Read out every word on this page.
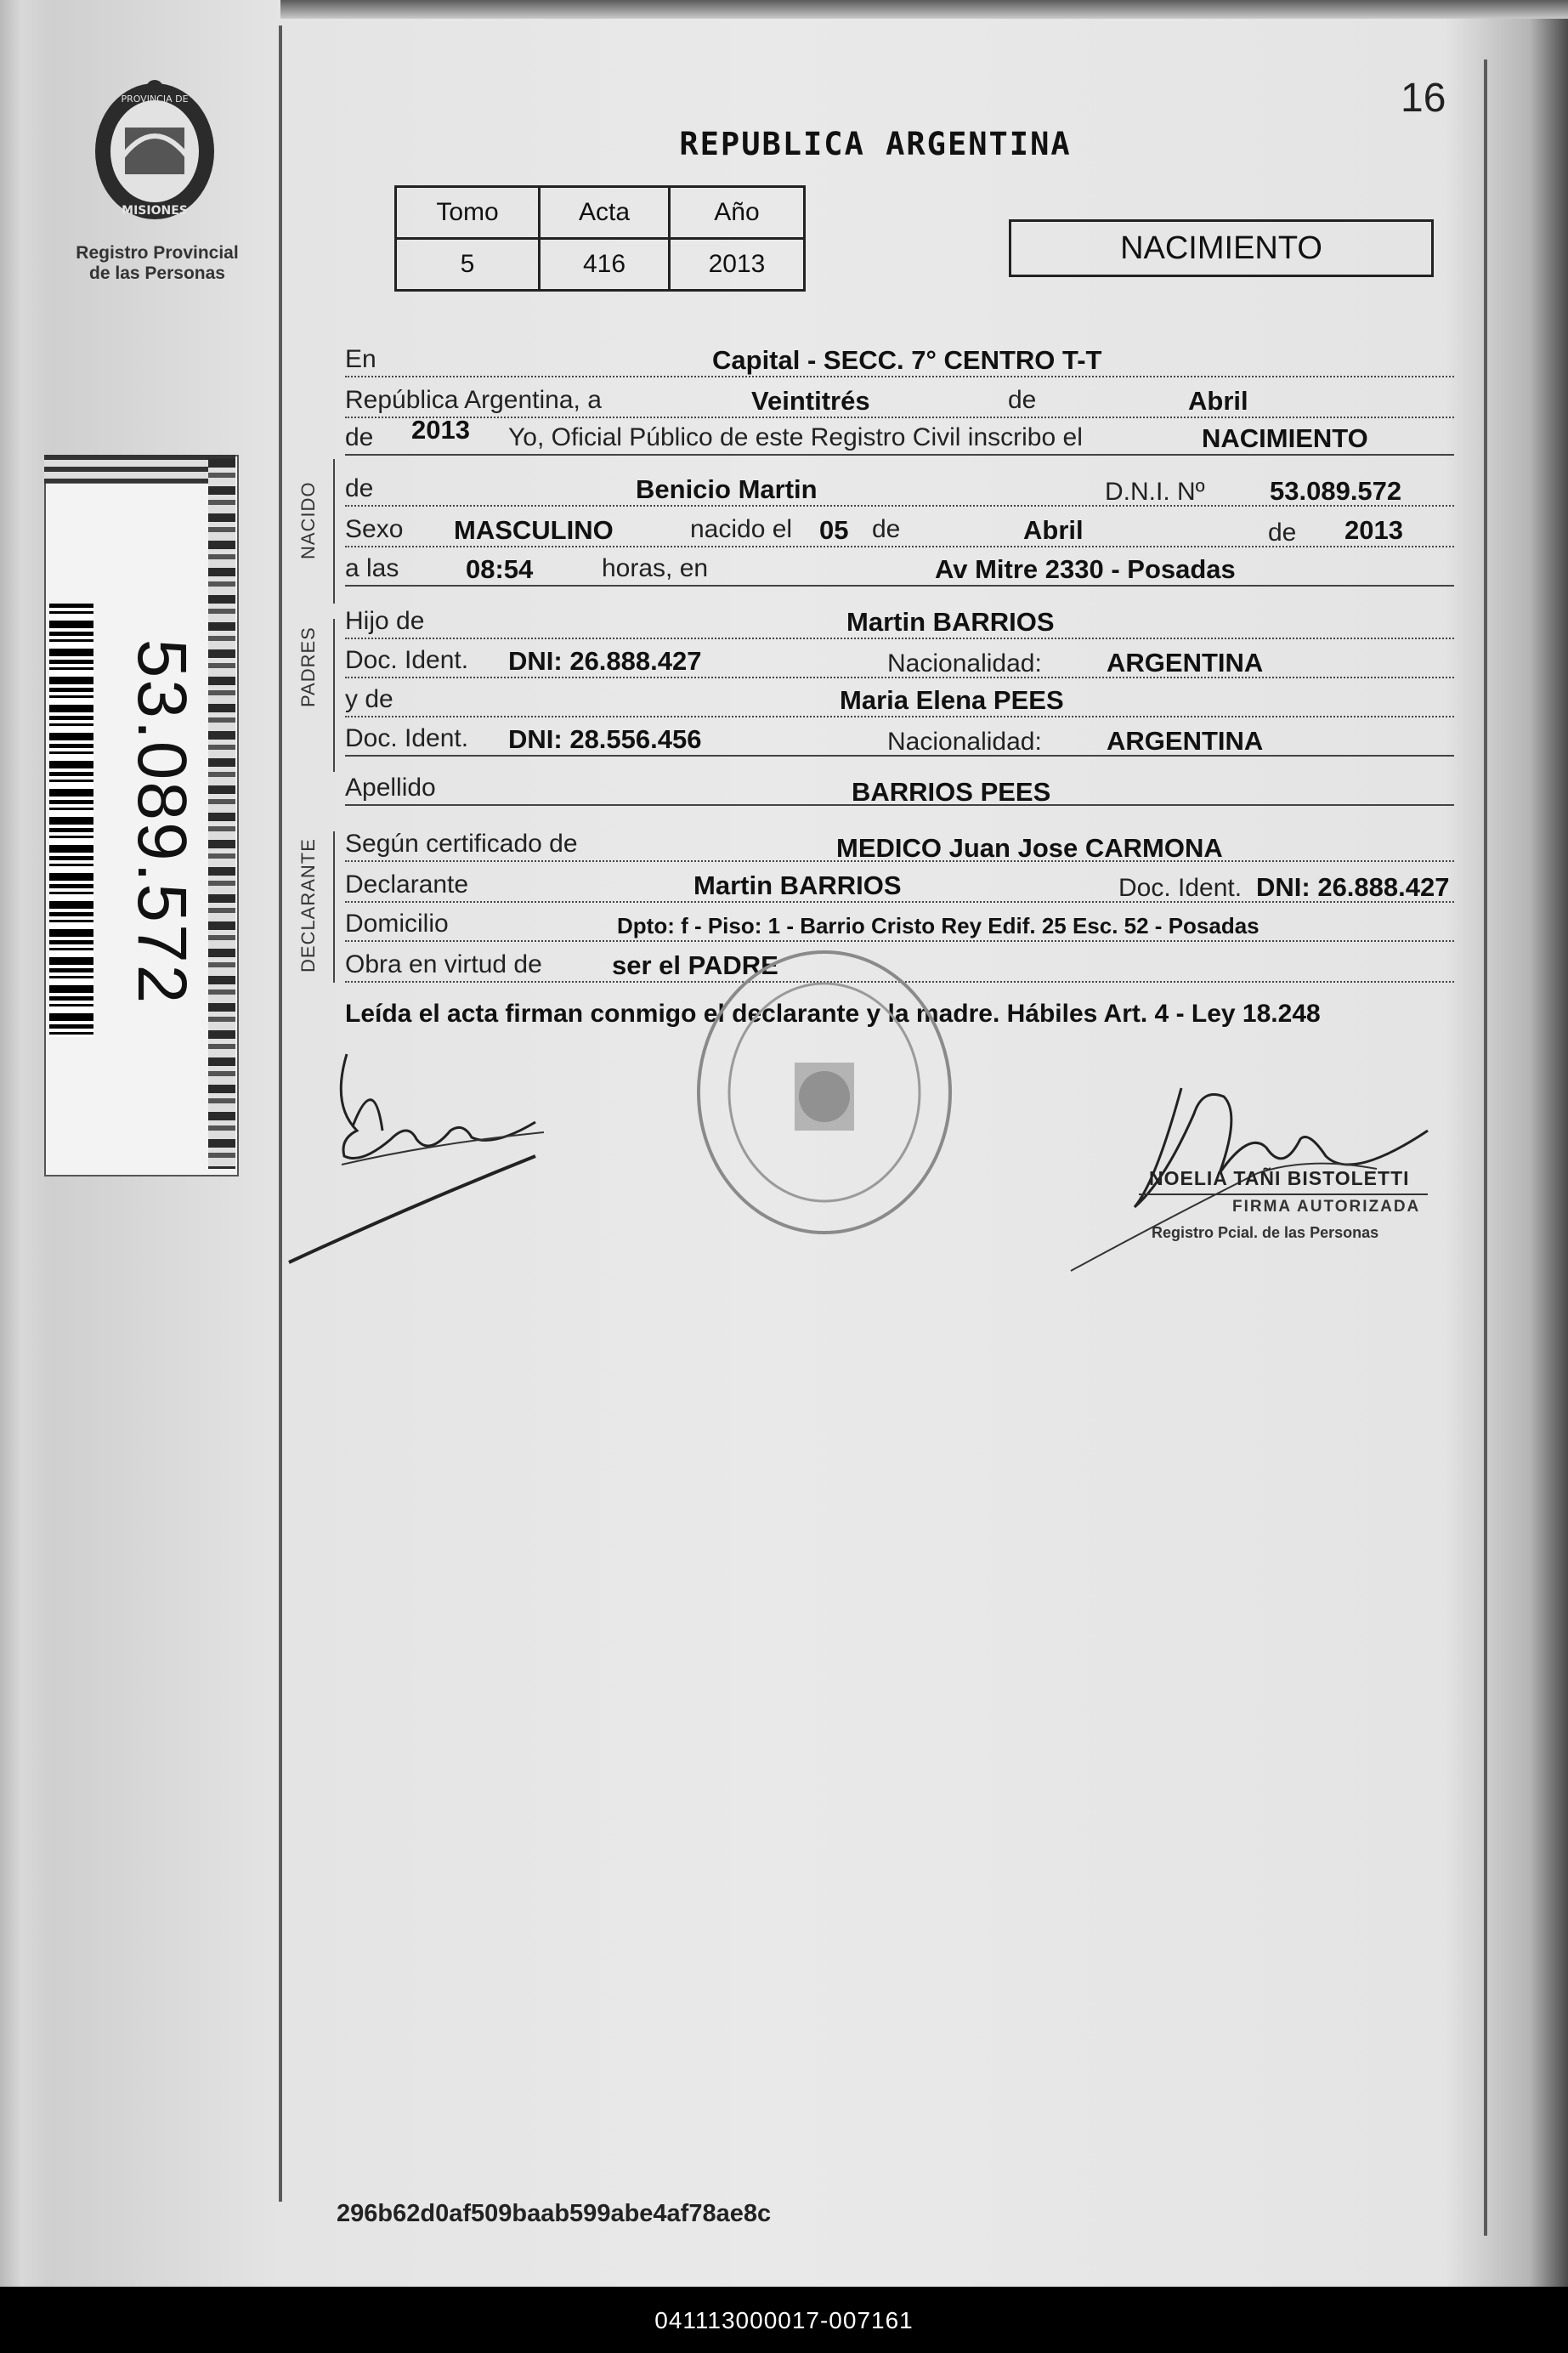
PROVINCIA DE
MISIONES
Registro Provincial
de las Personas
53.089.572
16
REPUBLICA ARGENTINA
Tomo	Acta	Año
5	416	2013	NACIMIENTO
En	Capital - SECC. 7° CENTRO T-T
República Argentina, a	Veintitrés	de	Abril
de 2013 Yo, Oficial Público de este Registro Civil inscribo el	NACIMIENTO
NACIDO de	Benicio Martin	D.N.I. Nº 53.089.572
Sexo MASCULINO	nacido el 05 de	Abril	de 2013
a las	08:54	horas, en	Av Mitre 2330 - Posadas
PADRES
Hijo de	Martin BARRIOS
Doc. Ident. DNI: 26.888.427	Nacionalidad: ARGENTINA
y de	Maria Elena PEES
Doc. Ident. DNI: 28.556.456	Nacionalidad: ARGENTINA
Apellido	BARRIOS PEES
DECLARANTE Según certificado de	MEDICO Juan Jose CARMONA
Declarante	Martin BARRIOS	Doc. Ident. DNI: 26.888.427
Domicilio	Dpto: f - Piso: 1 - Barrio Cristo Rey Edif. 25 Esc. 52 - Posadas
Obra en virtud de	ser el PADRE
Leída el acta firman conmigo el declarante y la madre. Hábiles Art. 4 - Ley 18.248
NOELIA TAÑI BISTOLETTI
FIRMA AUTORIZADA
Registro Pcial. de las Personas
296b62d0af509baab599abe4af78ae8c
041113000017-007161
